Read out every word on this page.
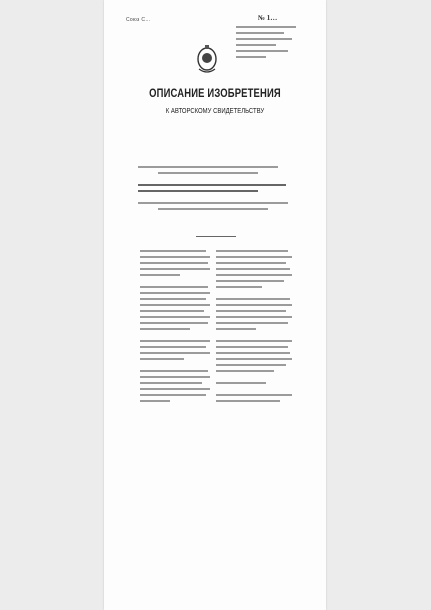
Союз С…	№ 1…
ОПИСАНИЕ ИЗОБРЕТЕНИЯ
К АВТОРСКОМУ СВИДЕТЕЛЬСТВУ
